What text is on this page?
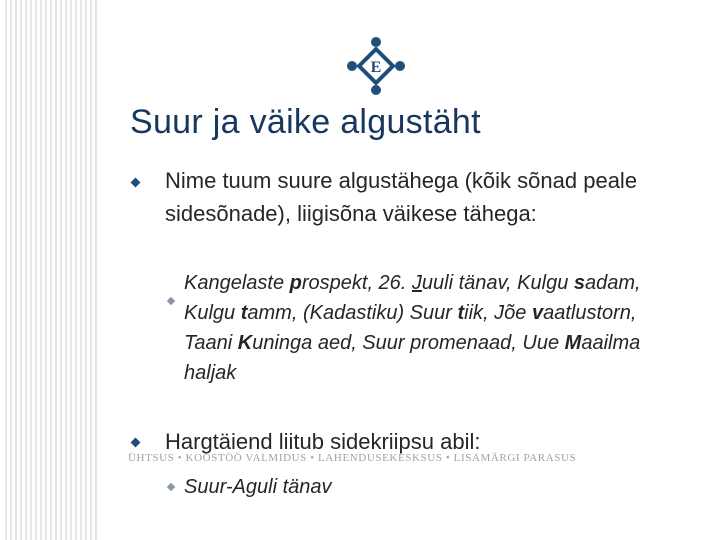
E
Suur ja väike algustäht
Nime tuum suure algustähega (kõik sõnad peale sidesõnade), liigisõna väikese tähega:
Kangelaste prospekt, 26. Juuli tänav, Kulgu sadam, Kulgu tamm, (Kadastiku) Suur tiik, Jõe vaatlustorn, Taani Kuninga aed, Suur promenaad, Uue Maailma haljak
Hargtäiend liitub sidekriipsu abil:
ÜHTSUS • KOOSTÖÖ VALMIDUS • LAHENDUSEKESKSUS • LISAMÄRGI PARASUS
Suur-Aguli tänav
